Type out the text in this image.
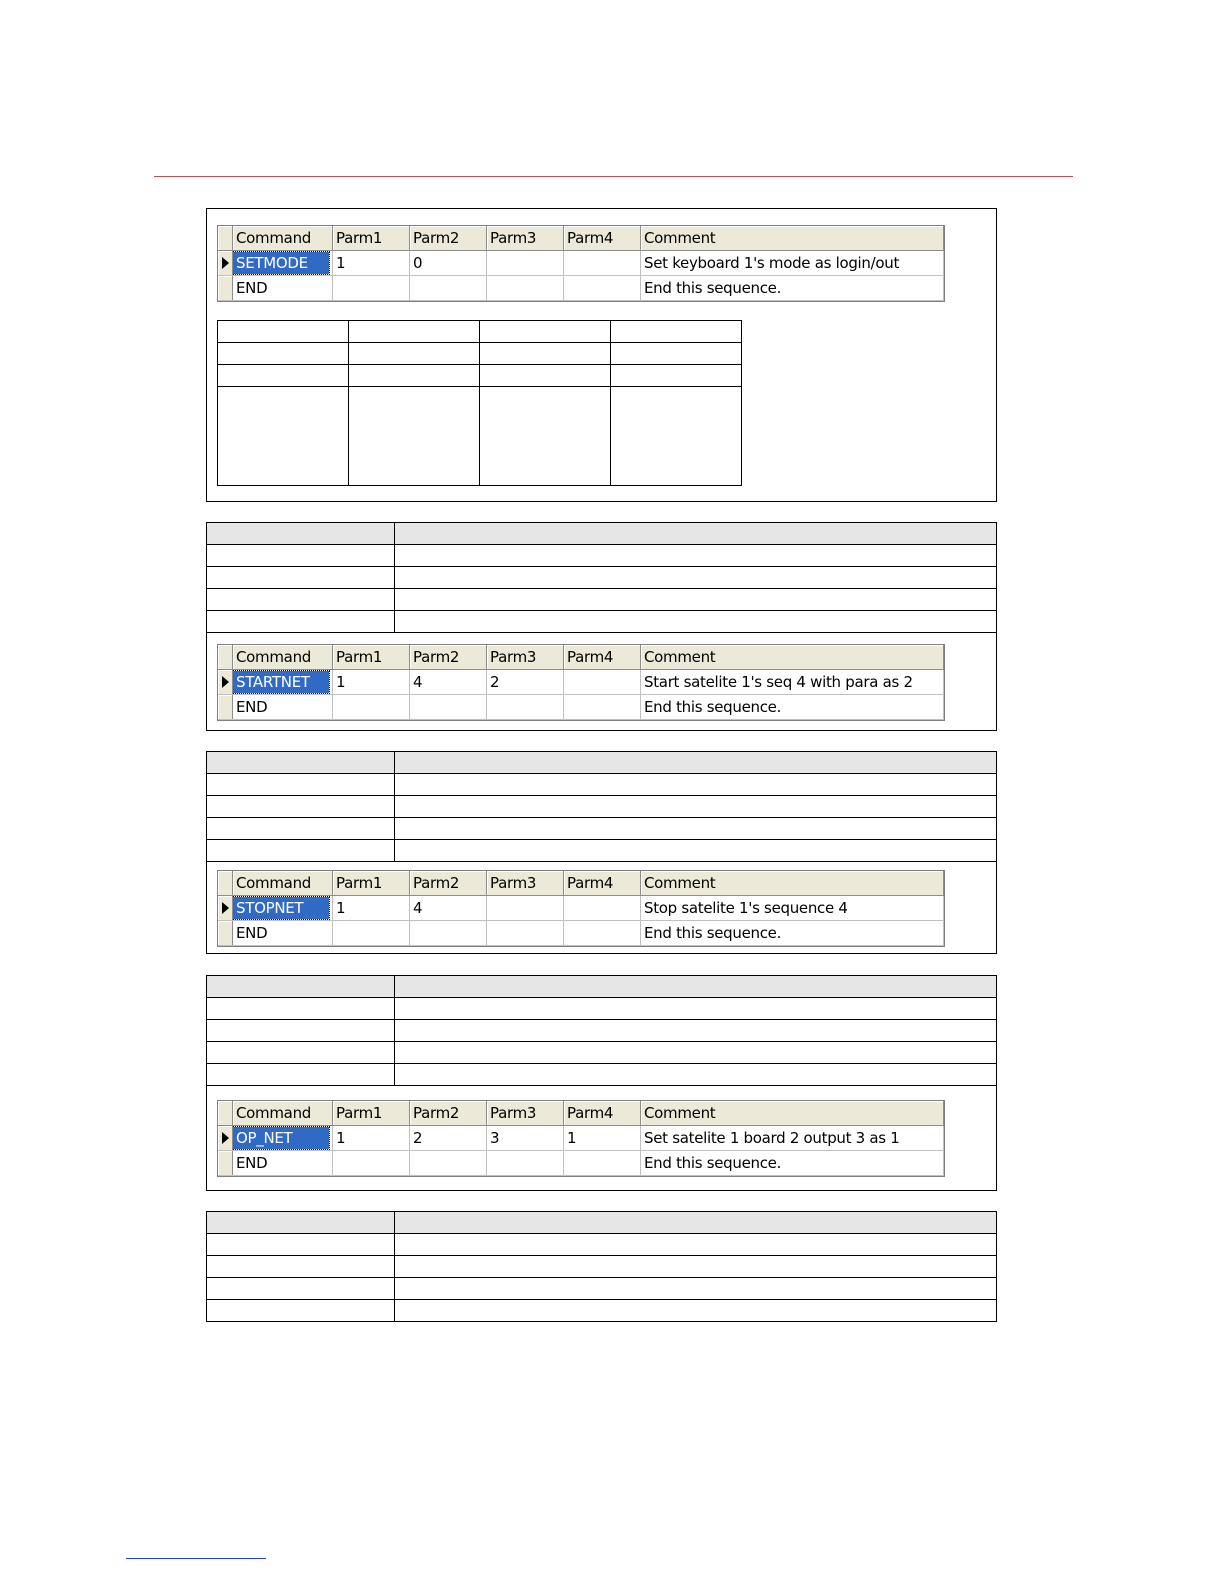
	Command	Parm1	Parm2	Parm3	Parm4	Comment

	SETMODE	1	0			Set keyboard 1's mode as login/out
	END					End this sequence.

	Command	Parm1	Parm2	Parm3	Parm4	Comment

	STARTNET	1	4	2		Start satelite 1's seq 4 with para as 2
	END					End this sequence.

	Command	Parm1	Parm2	Parm3	Parm4	Comment

	STOPNET	1	4			Stop satelite 1's sequence 4
	END					End this sequence.

	Command	Parm1	Parm2	Parm3	Parm4	Comment

	OP_NET	1	2	3	1	Set satelite 1 board 2 output 3 as 1
	END					End this sequence.
